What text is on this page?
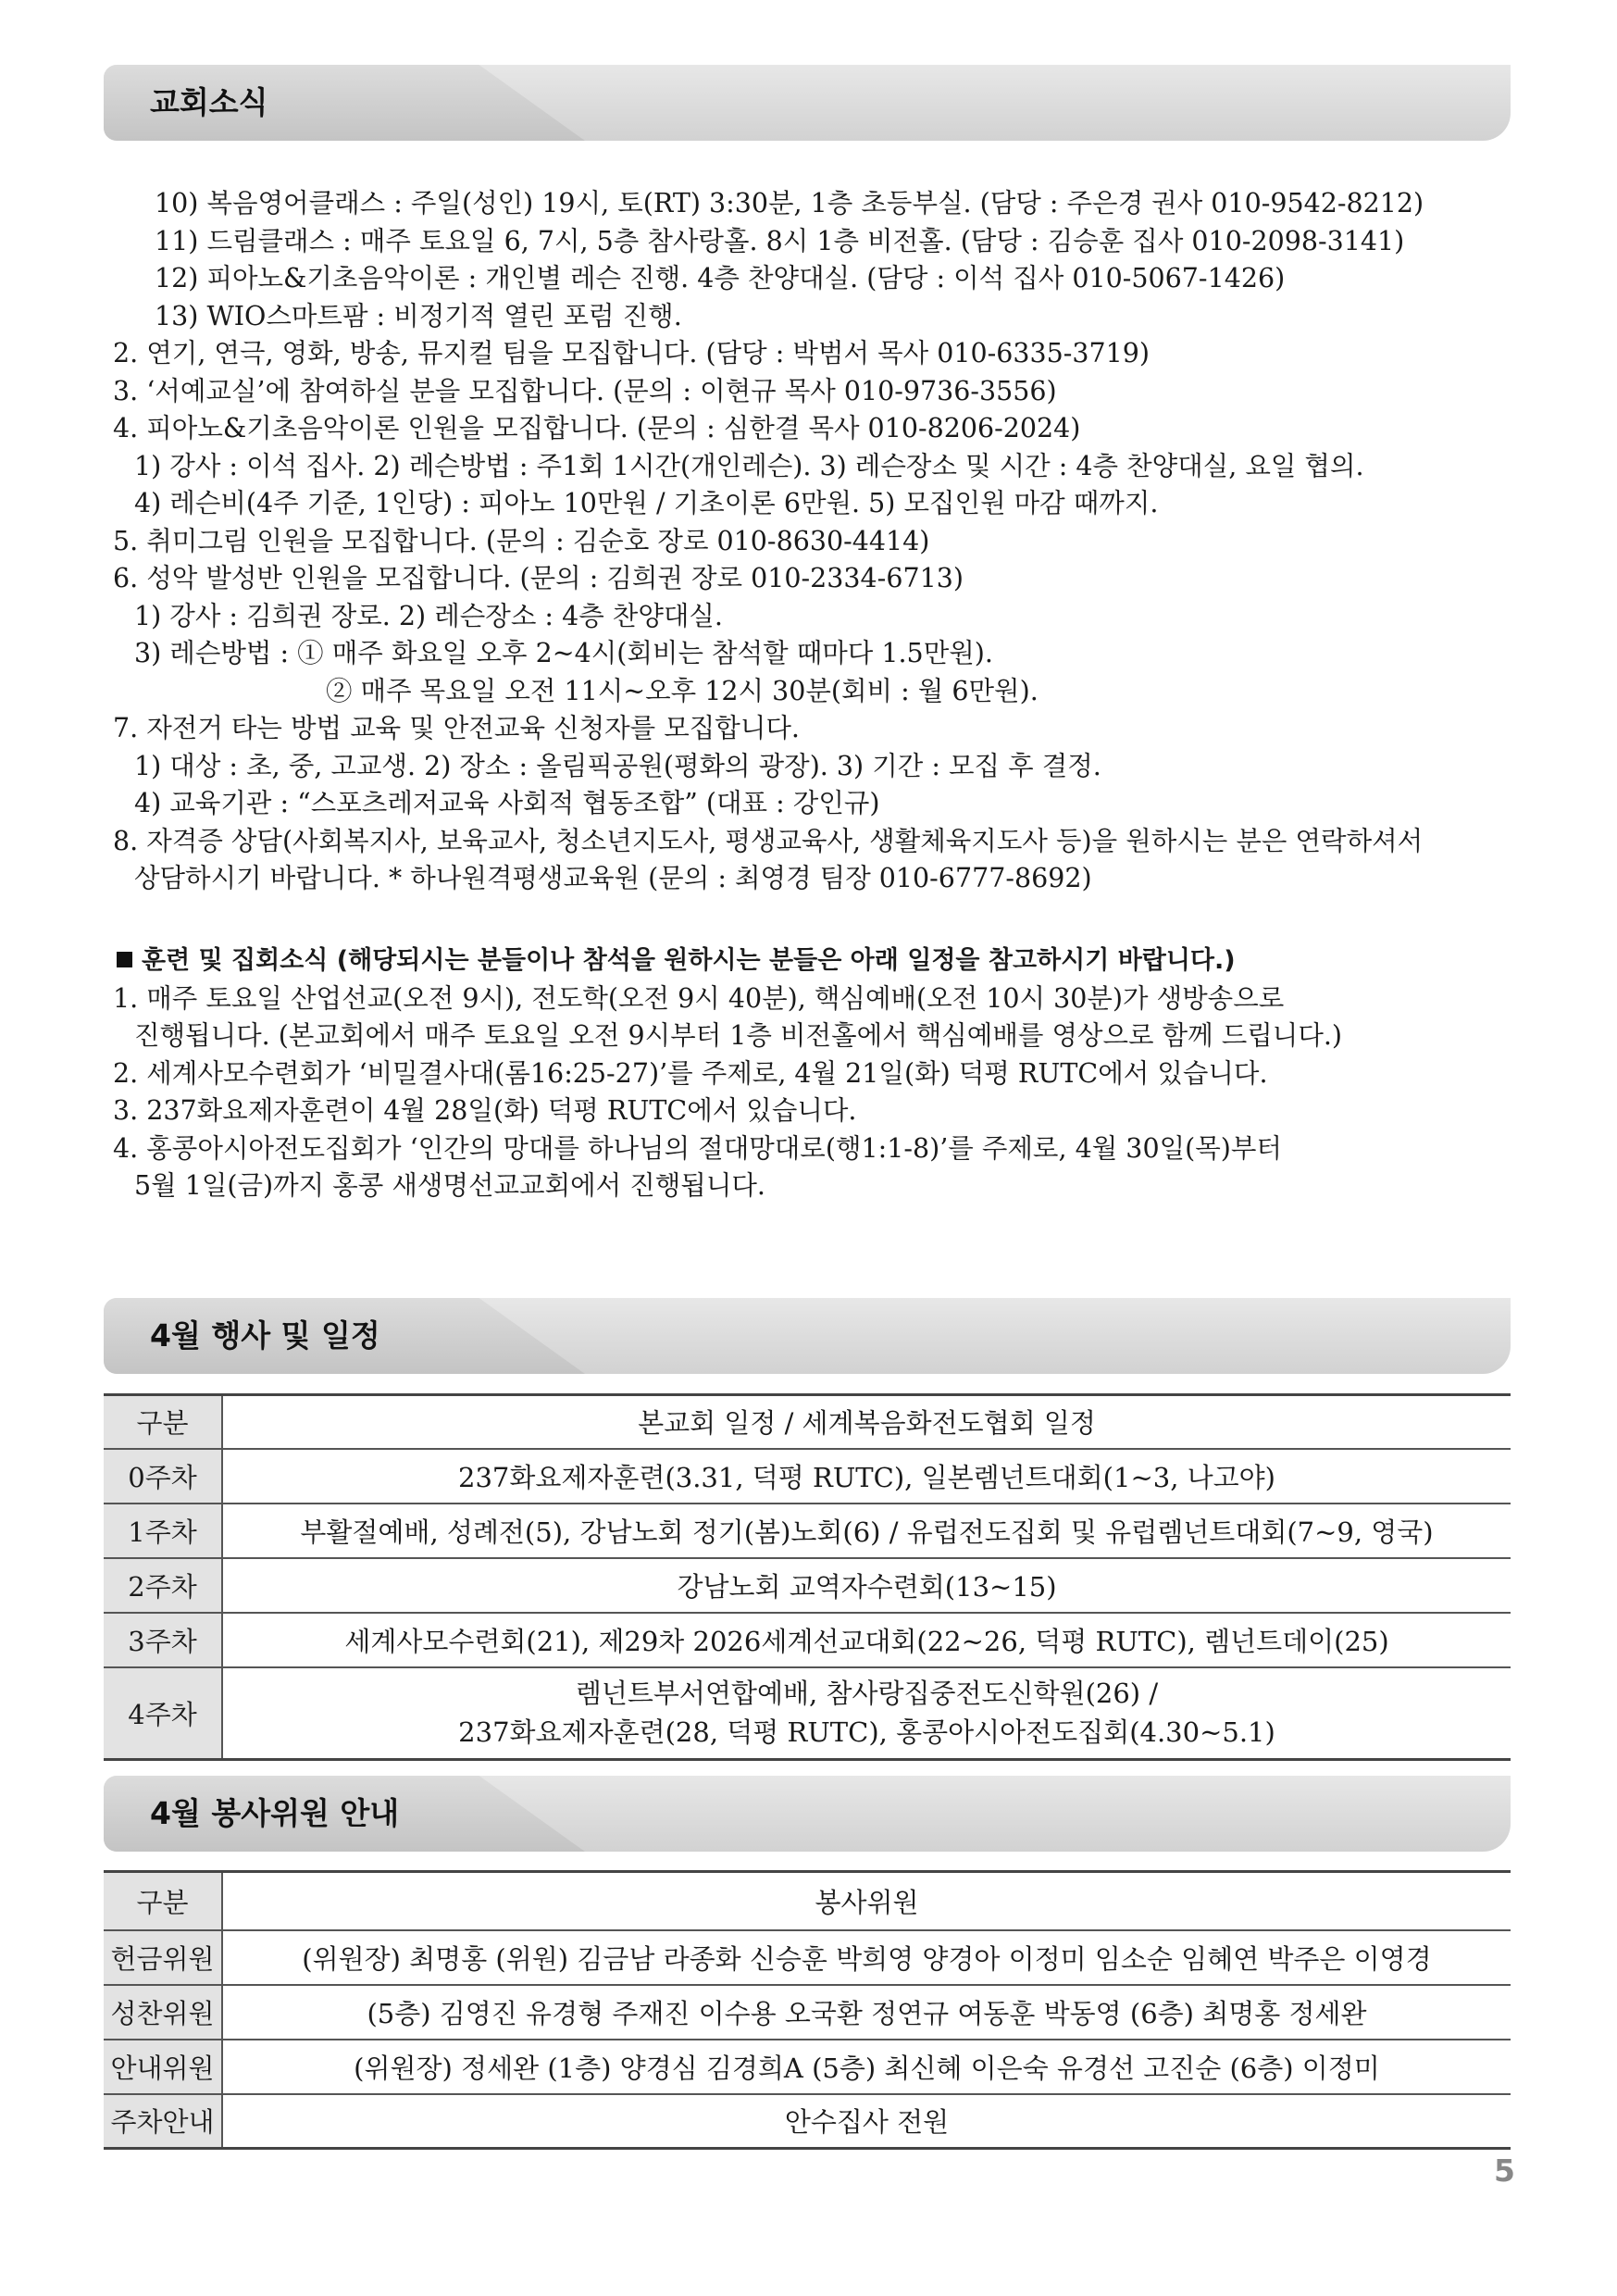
교회소식
10) 복음영어클래스 : 주일(성인) 19시, 토(RT) 3:30분, 1층 초등부실. (담당 : 주은경 권사 010-9542-8212)
11) 드림클래스 : 매주 토요일 6, 7시, 5층 참사랑홀. 8시 1층 비전홀. (담당 : 김승훈 집사 010-2098-3141)
12) 피아노&기초음악이론 : 개인별 레슨 진행. 4층 찬양대실. (담당 : 이석 집사 010-5067-1426)
13) WIO스마트팜 : 비정기적 열린 포럼 진행.
2. 연기, 연극, 영화, 방송, 뮤지컬 팀을 모집합니다. (담당 : 박범서 목사 010-6335-3719)
3. ‘서예교실’에 참여하실 분을 모집합니다. (문의 : 이현규 목사 010-9736-3556)
4. 피아노&기초음악이론 인원을 모집합니다. (문의 : 심한결 목사 010-8206-2024)
1) 강사 : 이석 집사. 2) 레슨방법 : 주1회 1시간(개인레슨). 3) 레슨장소 및 시간 : 4층 찬양대실, 요일 협의.
4) 레슨비(4주 기준, 1인당) : 피아노 10만원 / 기초이론 6만원. 5) 모집인원 마감 때까지.
5. 취미그림 인원을 모집합니다. (문의 : 김순호 장로 010-8630-4414)
6. 성악 발성반 인원을 모집합니다. (문의 : 김희권 장로 010-2334-6713)
1) 강사 : 김희권 장로. 2) 레슨장소 : 4층 찬양대실.
3) 레슨방법 : ① 매주 화요일 오후 2~4시(회비는 참석할 때마다 1.5만원).
② 매주 목요일 오전 11시~오후 12시 30분(회비 : 월 6만원).
7. 자전거 타는 방법 교육 및 안전교육 신청자를 모집합니다.
1) 대상 : 초, 중, 고교생. 2) 장소 : 올림픽공원(평화의 광장). 3) 기간 : 모집 후 결정.
4) 교육기관 : “스포츠레저교육 사회적 협동조합” (대표 : 강인규)
8. 자격증 상담(사회복지사, 보육교사, 청소년지도사, 평생교육사, 생활체육지도사 등)을 원하시는 분은 연락하셔서
상담하시기 바랍니다. * 하나원격평생교육원 (문의 : 최영경 팀장 010-6777-8692)
훈련 및 집회소식 (해당되시는 분들이나 참석을 원하시는 분들은 아래 일정을 참고하시기 바랍니다.)
1. 매주 토요일 산업선교(오전 9시), 전도학(오전 9시 40분), 핵심예배(오전 10시 30분)가 생방송으로
진행됩니다. (본교회에서 매주 토요일 오전 9시부터 1층 비전홀에서 핵심예배를 영상으로 함께 드립니다.)
2. 세계사모수련회가 ‘비밀결사대(롬16:25-27)’를 주제로, 4월 21일(화) 덕평 RUTC에서 있습니다.
3. 237화요제자훈련이 4월 28일(화) 덕평 RUTC에서 있습니다.
4. 홍콩아시아전도집회가 ‘인간의 망대를 하나님의 절대망대로(행1:1-8)’를 주제로, 4월 30일(목)부터
5월 1일(금)까지 홍콩 새생명선교교회에서 진행됩니다.
4월 행사 및 일정
구분	본교회 일정 / 세계복음화전도협회 일정
0주차	237화요제자훈련(3.31, 덕평 RUTC), 일본렘넌트대회(1~3, 나고야)
1주차	부활절예배, 성례전(5), 강남노회 정기(봄)노회(6) / 유럽전도집회 및 유럽렘넌트대회(7~9, 영국)
2주차	강남노회 교역자수련회(13~15)
3주차	세계사모수련회(21), 제29차 2026세계선교대회(22~26, 덕평 RUTC), 렘넌트데이(25)
4주차	렘넌트부서연합예배, 참사랑집중전도신학원(26) /
237화요제자훈련(28, 덕평 RUTC), 홍콩아시아전도집회(4.30~5.1)
4월 봉사위원 안내
구분	봉사위원
헌금위원	(위원장) 최명홍 (위원) 김금남 라종화 신승훈 박희영 양경아 이정미 임소순 임혜연 박주은 이영경
성찬위원	(5층) 김영진 유경형 주재진 이수용 오국환 정연규 여동훈 박동영 (6층) 최명홍 정세완
안내위원	(위원장) 정세완 (1층) 양경심 김경희A (5층) 최신혜 이은숙 유경선 고진순 (6층) 이정미
주차안내	안수집사 전원
5
